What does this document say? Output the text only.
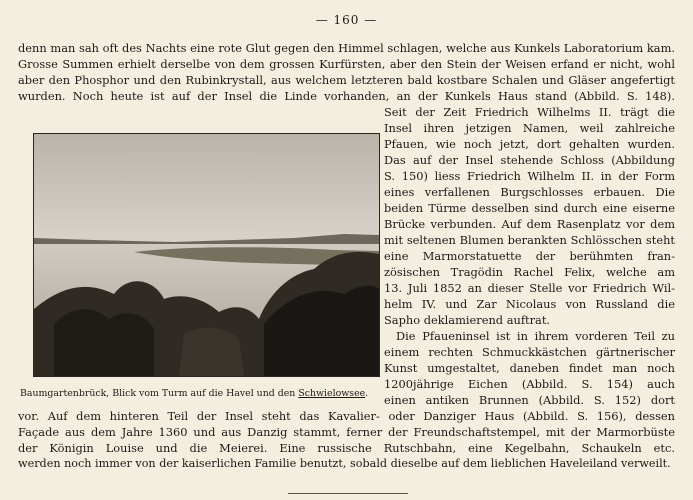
— 160 —
denn man sah oft des Nachts eine rote Glut gegen den Himmel schlagen, welche aus Kunkels Laboratorium kam.
Grosse Summen erhielt derselbe von dem grossen Kurfürsten, aber den Stein der Weisen erfand er nicht, wohl
aber den Phosphor und den Rubinkrystall, aus welchem letzteren bald kostbare Schalen und Gläser angefertigt
wurden. Noch heute ist auf der Insel die Linde vorhanden, an der Kunkels Haus stand (Abbild. S. 148).
Baumgartenbrück, Blick vom Turm auf die Havel und den Schwielowsee.
Seit der Zeit Friedrich Wilhelms II. trägt die
Insel ihren jetzigen Namen, weil zahlreiche
Pfauen, wie noch jetzt, dort gehalten wurden.
Das auf der Insel stehende Schloss (Abbildung
S. 150) liess Friedrich Wilhelm II. in der Form
eines verfallenen Burgschlosses erbauen. Die
beiden Türme desselben sind durch eine eiserne
Brücke verbunden. Auf dem Rasenplatz vor dem
mit seltenen Blumen berankten Schlösschen steht
eine Marmorstatuette der berühmten fran-
zösischen Tragödin Rachel Felix, welche am
13. Juli 1852 an dieser Stelle vor Friedrich Wil-
helm IV. und Zar Nicolaus von Russland die
Sapho deklamierend auftrat.
Die Pfaueninsel ist in ihrem vorderen Teil zu
einem rechten Schmuckkästchen gärtnerischer
Kunst umgestaltet, daneben findet man noch
1200jährige Eichen (Abbild. S. 154) auch
einen antiken Brunnen (Abbild. S. 152) dort
vor. Auf dem hinteren Teil der Insel steht das Kavalier- oder Danziger Haus (Abbild. S. 156), dessen
Façade aus dem Jahre 1360 und aus Danzig stammt, ferner der Freundschaftstempel, mit der Marmorbüste
der Königin Louise und die Meierei. Eine russische Rutschbahn, eine Kegelbahn, Schaukeln etc.
werden noch immer von der kaiserlichen Familie benutzt, sobald dieselbe auf dem lieblichen Haveleiland verweilt.
